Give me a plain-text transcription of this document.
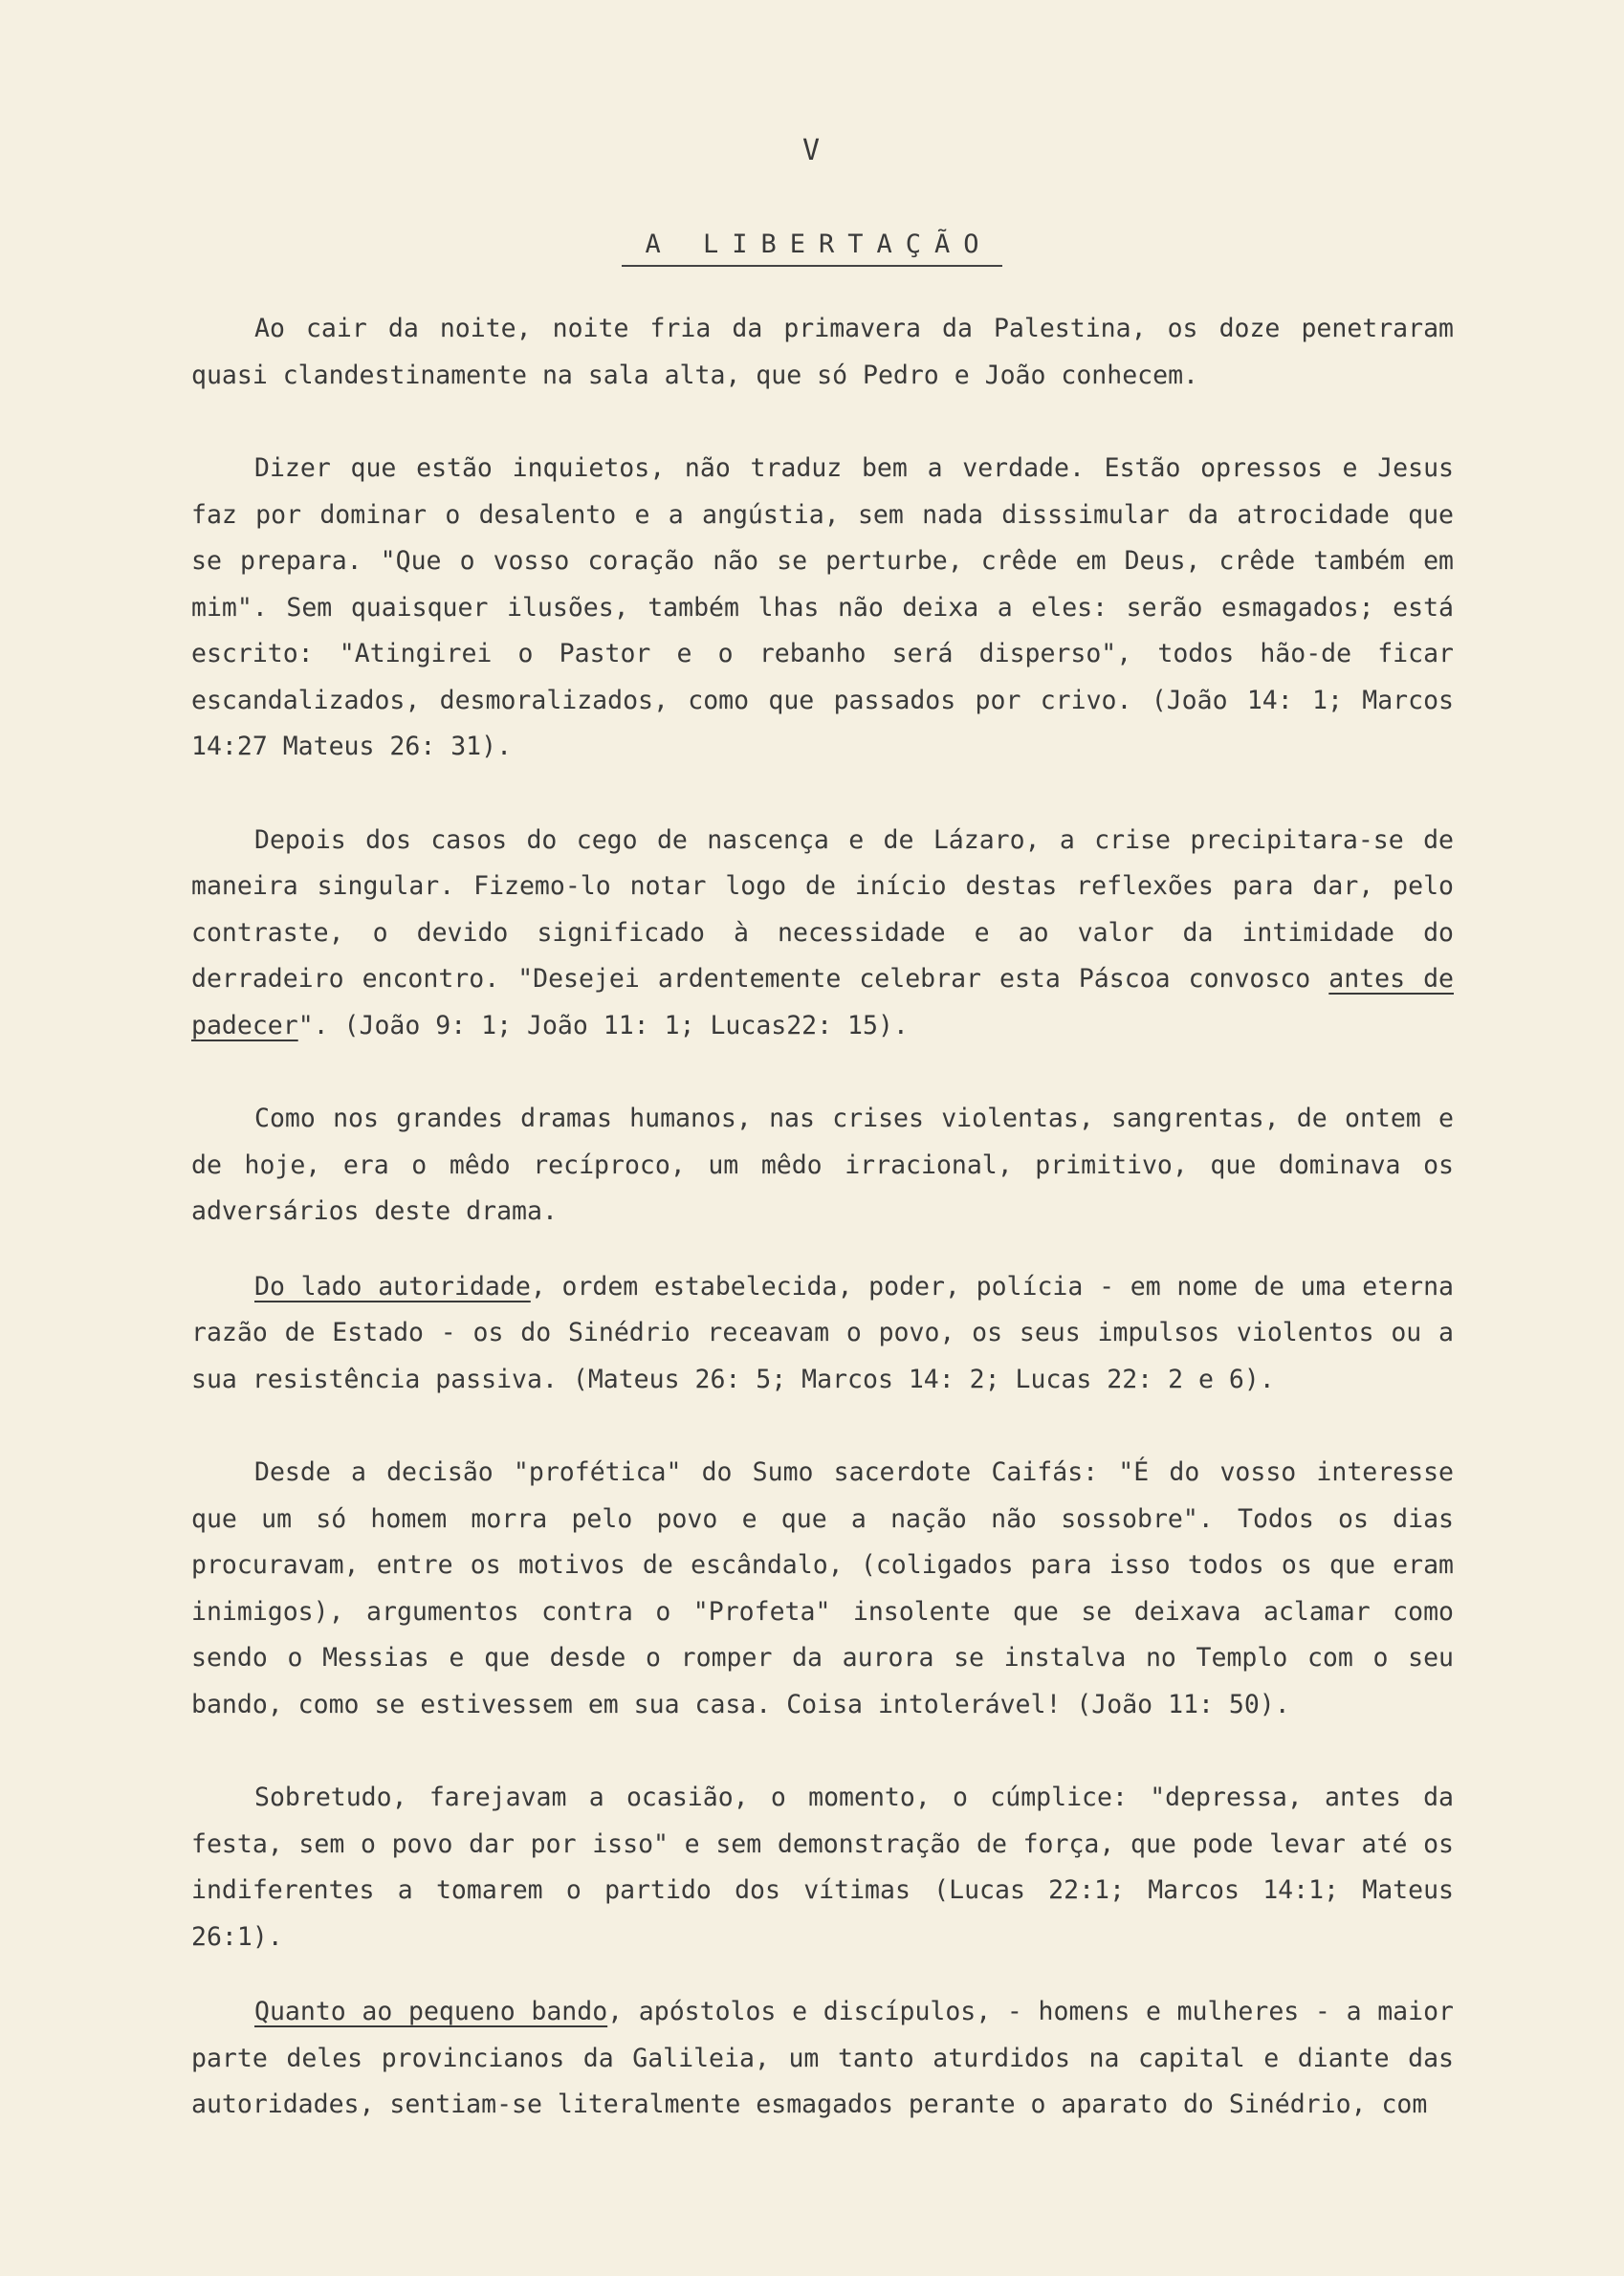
V
A LIBERTAÇÃO

Ao cair da noite, noite fria da primavera da Palestina, os doze penetraram quasi clandestinamente na sala alta, que só Pedro e João conhecem.

Dizer que estão inquietos, não traduz bem a verdade. Estão opressos e Jesus faz por dominar o desalento e a angústia, sem nada disssimular da atrocidade que se prepara. "Que o vosso coração não se perturbe, crêde em Deus, crêde também em mim". Sem quaisquer ilusões, também lhas não deixa a eles: serão esmagados; está escrito: "Atingirei o Pastor e o rebanho será disperso", todos hão-de ficar escandalizados, desmoralizados, como que passados por crivo. (João 14: 1; Marcos 14:27 Mateus 26: 31).

Depois dos casos do cego de nascença e de Lázaro, a crise precipitara-se de maneira singular. Fizemo-lo notar logo de início destas reflexões para dar, pelo contraste, o devido significado à necessidade e ao valor da intimidade do derradeiro encontro. "Desejei ardentemente celebrar esta Páscoa convosco antes de padecer". (João 9: 1; João 11: 1; Lucas22: 15).

Como nos grandes dramas humanos, nas crises violentas, sangrentas, de ontem e de hoje, era o mêdo recíproco, um mêdo irracional, primitivo, que dominava os adversários deste drama.

Do lado autoridade, ordem estabelecida, poder, polícia - em nome de uma eterna razão de Estado - os do Sinédrio receavam o povo, os seus impulsos violentos ou a sua resistência passiva. (Mateus 26: 5; Marcos 14: 2; Lucas 22: 2 e 6).

Desde a decisão "profética" do Sumo sacerdote Caifás: "É do vosso interesse que um só homem morra pelo povo e que a nação não sossobre". Todos os dias procuravam, entre os motivos de escândalo, (coligados para isso todos os que eram inimigos), argumentos contra o "Profeta" insolente que se deixava aclamar como sendo o Messias e que desde o romper da aurora se instalva no Templo com o seu bando, como se estivessem em sua casa. Coisa intolerável! (João 11: 50).

Sobretudo, farejavam a ocasião, o momento, o cúmplice: "depressa, antes da festa, sem o povo dar por isso" e sem demonstração de força, que pode levar até os indiferentes a tomarem o partido dos vítimas (Lucas 22:1; Marcos 14:1; Mateus 26:1).

Quanto ao pequeno bando, apóstolos e discípulos, - homens e mulheres - a maior parte deles provincianos da Galileia, um tanto aturdidos na capital e diante das autoridades, sentiam-se literalmente esmagados perante o aparato do Sinédrio, com
